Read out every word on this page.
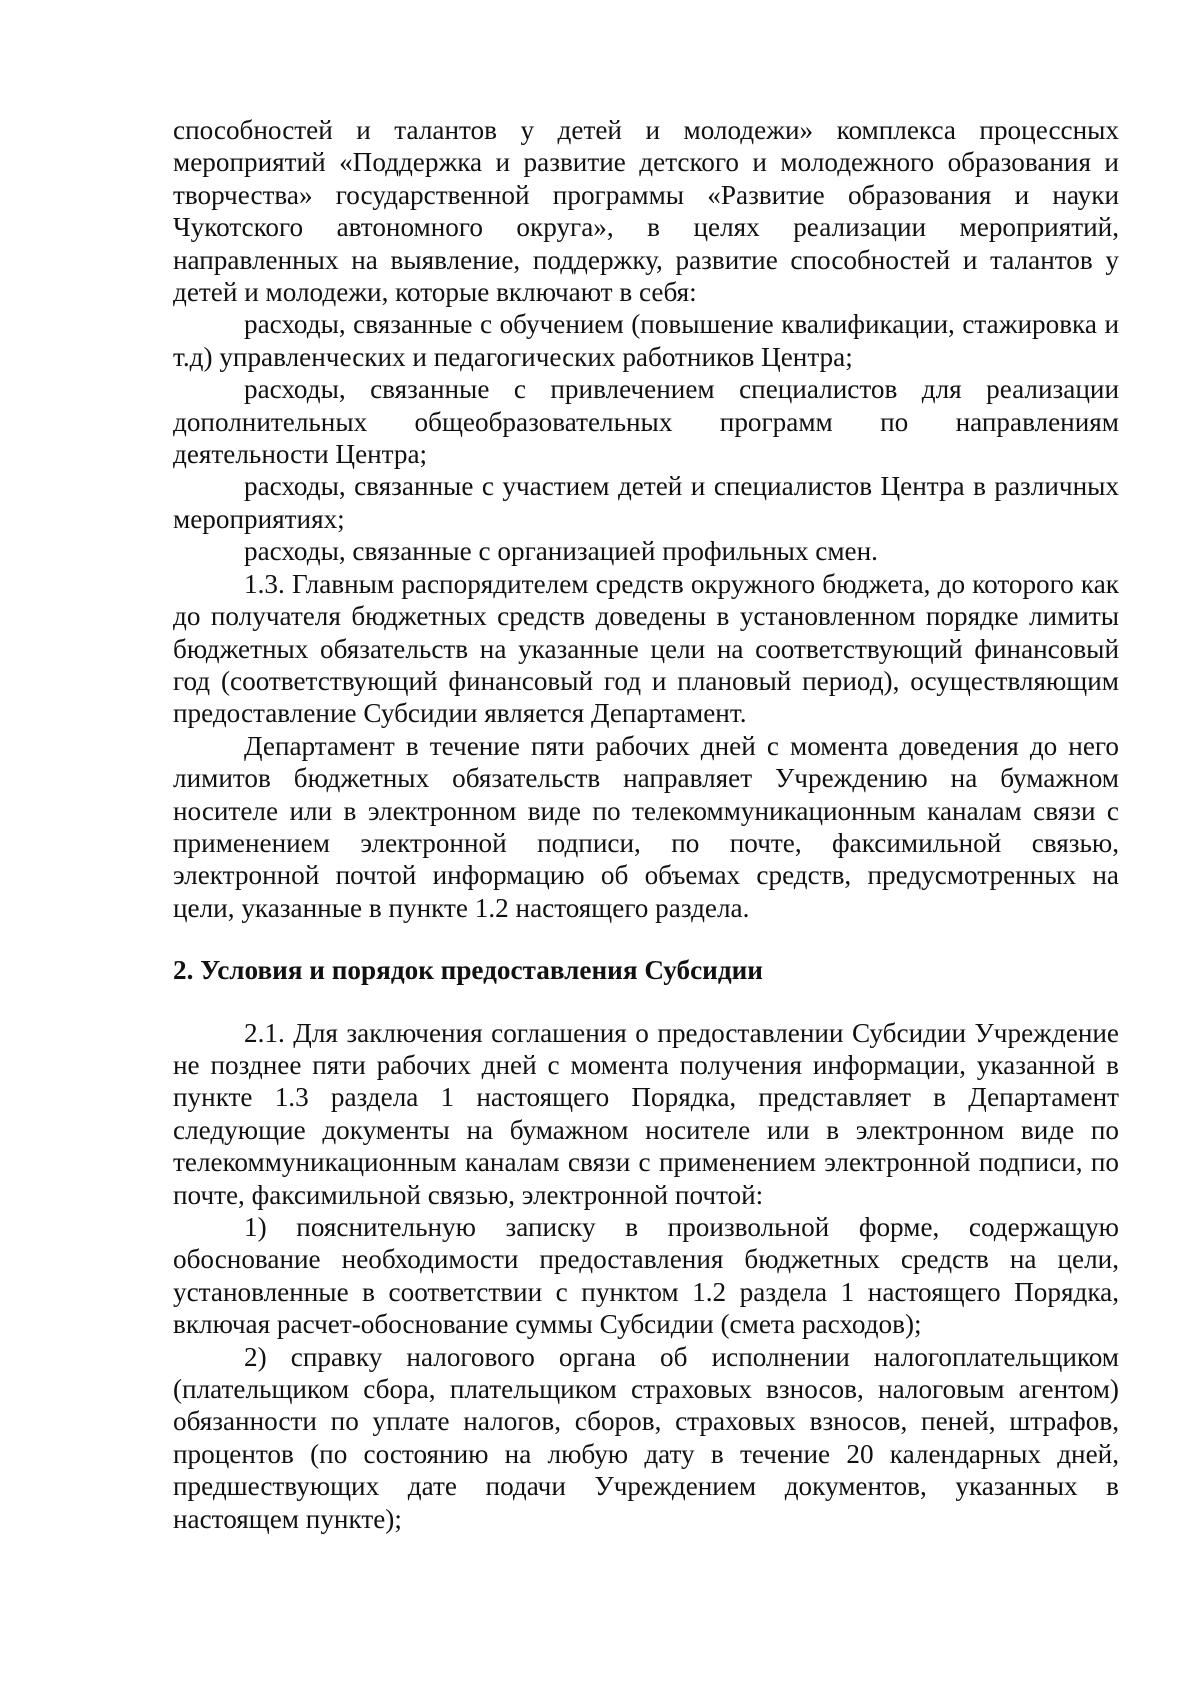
способностей и талантов у детей и молодежи» комплекса процессных мероприятий «Поддержка и развитие детского и молодежного образования и творчества» государственной программы «Развитие образования и науки Чукотского автономного округа», в целях реализации мероприятий, направленных на выявление, поддержку, развитие способностей и талантов у детей и молодежи, которые включают в себя:

расходы, связанные с обучением (повышение квалификации, стажировка и т.д) управленческих и педагогических работников Центра;

расходы, связанные с привлечением специалистов для реализации дополнительных общеобразовательных программ по направлениям деятельности Центра;

расходы, связанные с участием детей и специалистов Центра в различных мероприятиях;

расходы, связанные с организацией профильных смен.

1.3. Главным распорядителем средств окружного бюджета, до которого как до получателя бюджетных средств доведены в установленном порядке лимиты бюджетных обязательств на указанные цели на соответствующий финансовый год (соответствующий финансовый год и плановый период), осуществляющим предоставление Субсидии является Департамент.

Департамент в течение пяти рабочих дней с момента доведения до него лимитов бюджетных обязательств направляет Учреждению на бумажном носителе или в электронном виде по телекоммуникационным каналам связи с применением электронной подписи, по почте, факсимильной связью, электронной почтой информацию об объемах средств, предусмотренных на цели, указанные в пункте 1.2 настоящего раздела.

2. Условия и порядок предоставления Субсидии

2.1. Для заключения соглашения о предоставлении Субсидии Учреждение не позднее пяти рабочих дней с момента получения информации, указанной в пункте 1.3 раздела 1 настоящего Порядка, представляет в Департамент следующие документы на бумажном носителе или в электронном виде по телекоммуникационным каналам связи с применением электронной подписи, по почте, факсимильной связью, электронной почтой:

1) пояснительную записку в произвольной форме, содержащую обоснование необходимости предоставления бюджетных средств на цели, установленные в соответствии с пунктом 1.2 раздела 1 настоящего Порядка, включая расчет-обоснование суммы Субсидии (смета расходов);

2) справку налогового органа об исполнении налогоплательщиком (плательщиком сбора, плательщиком страховых взносов, налоговым агентом) обязанности по уплате налогов, сборов, страховых взносов, пеней, штрафов, процентов (по состоянию на любую дату в течение 20 календарных дней, предшествующих дате подачи Учреждением документов, указанных в настоящем пункте);
